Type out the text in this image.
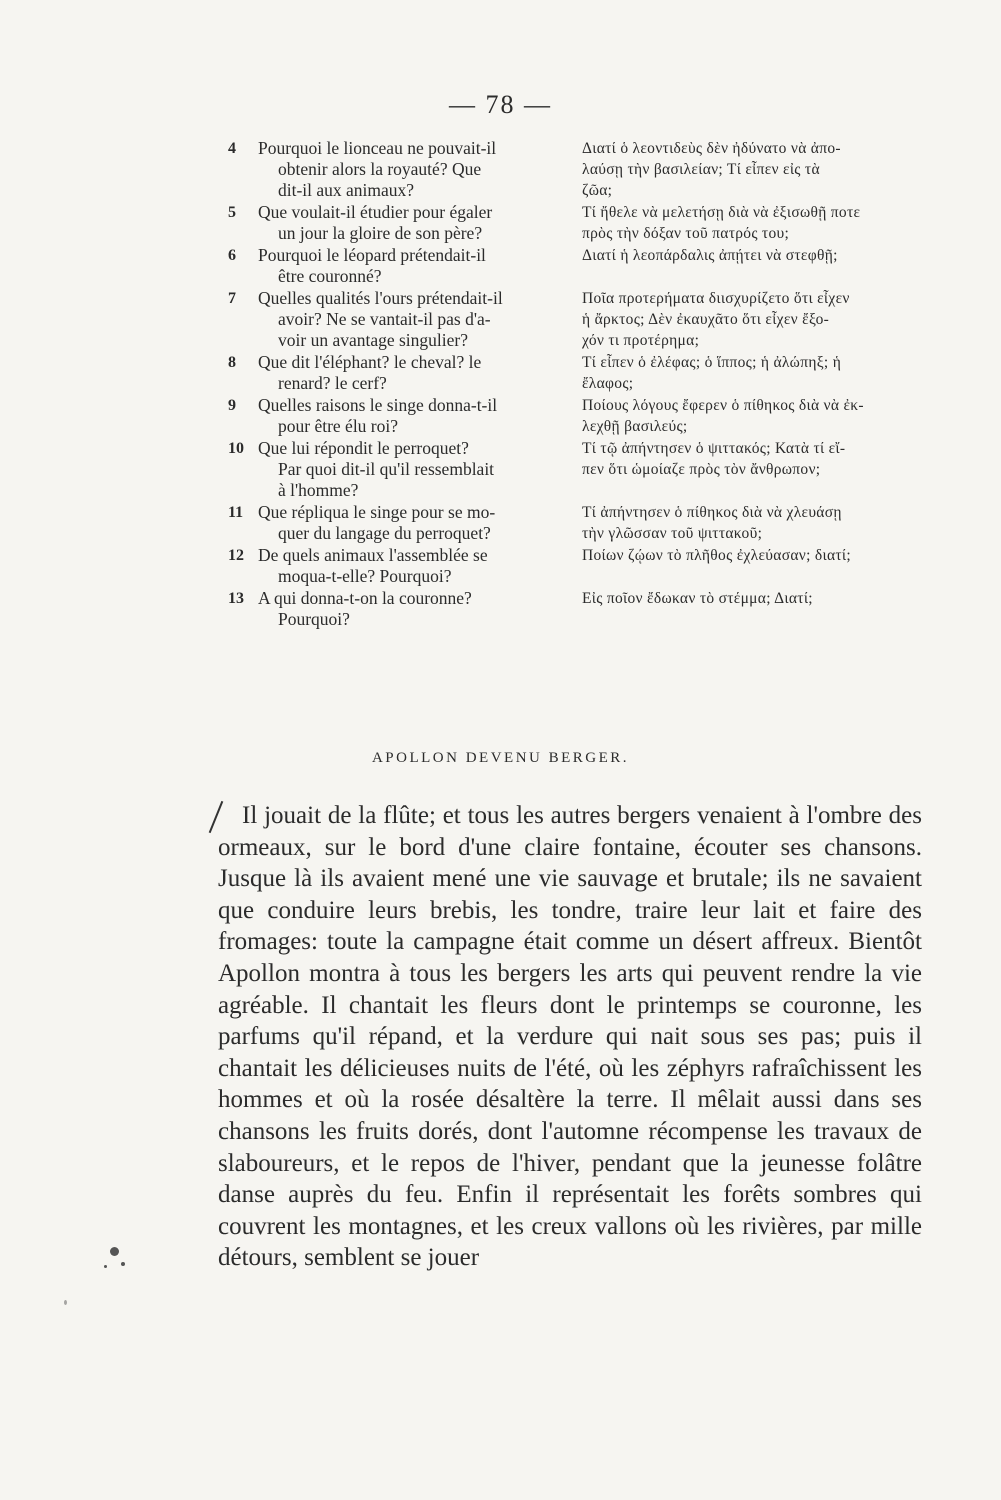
— 78 —
4	Pourquoi le lionceau ne pouvait-il
obtenir alors la royauté? Que
dit-il aux animaux?
Διατί ὁ λεοντιδεὺς δὲν ἠδύνατο νὰ ἀπο-
λαύσῃ τὴν βασιλείαν; Τί εἶπεν εἰς τὰ
ζῶα;
5	Que voulait-il étudier pour égaler
un jour la gloire de son père?
Τί ἤθελε νὰ μελετήσῃ διὰ νὰ ἐξισωθῇ ποτε
πρὸς τὴν δόξαν τοῦ πατρός του;
6	Pourquoi le léopard prétendait-il
être couronné?
Διατί ἡ λεοπάρδαλις ἀπῄτει νὰ στεφθῇ;
7	Quelles qualités l'ours prétendait-il
avoir? Ne se vantait-il pas d'a-
voir un avantage singulier?
Ποῖα προτερήματα διισχυρίζετο ὅτι εἶχεν
ἡ ἄρκτος; Δὲν ἐκαυχᾶτο ὅτι εἶχεν ἔξο-
χόν τι προτέρημα;
8	Que dit l'éléphant? le cheval? le
renard? le cerf?
Τί εἶπεν ὁ ἐλέφας; ὁ ἵππος; ἡ ἀλώπηξ; ἡ
ἔλαφος;
9	Quelles raisons le singe donna-t-il
pour être élu roi?
Ποίους λόγους ἔφερεν ὁ πίθηκος διὰ νὰ ἐκ-
λεχθῇ βασιλεύς;
10 Que lui répondit le perroquet?
Par quoi dit-il qu'il ressemblait
à l'homme?
Τί τῷ ἀπήντησεν ὁ ψιττακός; Κατὰ τί εἴ-
πεν ὅτι ὡμοίαζε πρὸς τὸν ἄνθρωπον;
11 Que répliqua le singe pour se mo-
quer du langage du perroquet?
Τί ἀπήντησεν ὁ πίθηκος διὰ νὰ χλευάσῃ
τὴν γλῶσσαν τοῦ ψιττακοῦ;
12 De quels animaux l'assemblée se
moqua-t-elle? Pourquoi?
Ποίων ζῴων τὸ πλῆθος ἐχλεύασαν; διατί;
13 A qui donna-t-on la couronne?
Pourquoi?
Εἰς ποῖον ἔδωκαν τὸ στέμμα; Διατί;
APOLLON DEVENU BERGER.

Il jouait de la flûte; et tous les autres bergers venaient à l'ombre des ormeaux, sur le bord d'une claire fontaine, écouter ses chansons. Jusque là ils avaient mené une vie sauvage et brutale; ils ne savaient que conduire leurs brebis, les tondre, traire leur lait et faire des fromages: toute la campagne était comme un désert affreux. Bientôt Apollon montra à tous les bergers les arts qui peuvent rendre la vie agréable. Il chantait les fleurs dont le printemps se couronne, les parfums qu'il répand, et la verdure qui nait sous ses pas; puis il chantait les délicieuses nuits de l'été, où les zéphyrs rafraîchissent les hommes et où la rosée désaltère la terre. Il mêlait aussi dans ses chansons les fruits dorés, dont l'automne récompense les travaux de slaboureurs, et le repos de l'hiver, pendant que la jeunesse folâtre danse auprès du feu. Enfin il représentait les forêts sombres qui couvrent les montagnes, et les creux vallons où les rivières, par mille détours, semblent se jouer
